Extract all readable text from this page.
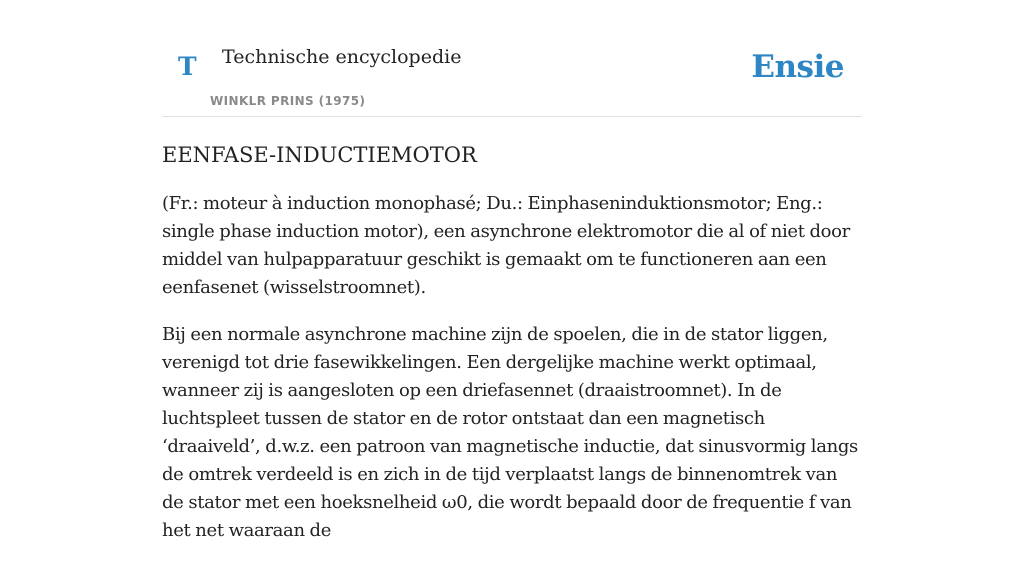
T Technische encyclopedie
WINKLR PRINS (1975)
Ensie
EENFASE-INDUCTIEMOTOR

(Fr.: moteur à induction monophasé; Du.: Einphaseninduktionsmotor; Eng.: single phase induction motor), een asynchrone elektromotor die al of niet door middel van hulpapparatuur geschikt is gemaakt om te functioneren aan een eenfasenet (wisselstroomnet).

Bij een normale asynchrone machine zijn de spoelen, die in de stator liggen, verenigd tot drie fasewikkelingen. Een dergelijke machine werkt optimaal, wanneer zij is aangesloten op een driefasennet (draaistroomnet). In de luchtspleet tussen de stator en de rotor ontstaat dan een magnetisch ‘draaiveld’, d.w.z. een patroon van magnetische inductie, dat sinusvormig langs de omtrek verdeeld is en zich in de tijd verplaatst langs de binnenomtrek van de stator met een hoeksnelheid ω0, die wordt bepaald door de frequentie f van het net waaraan de
